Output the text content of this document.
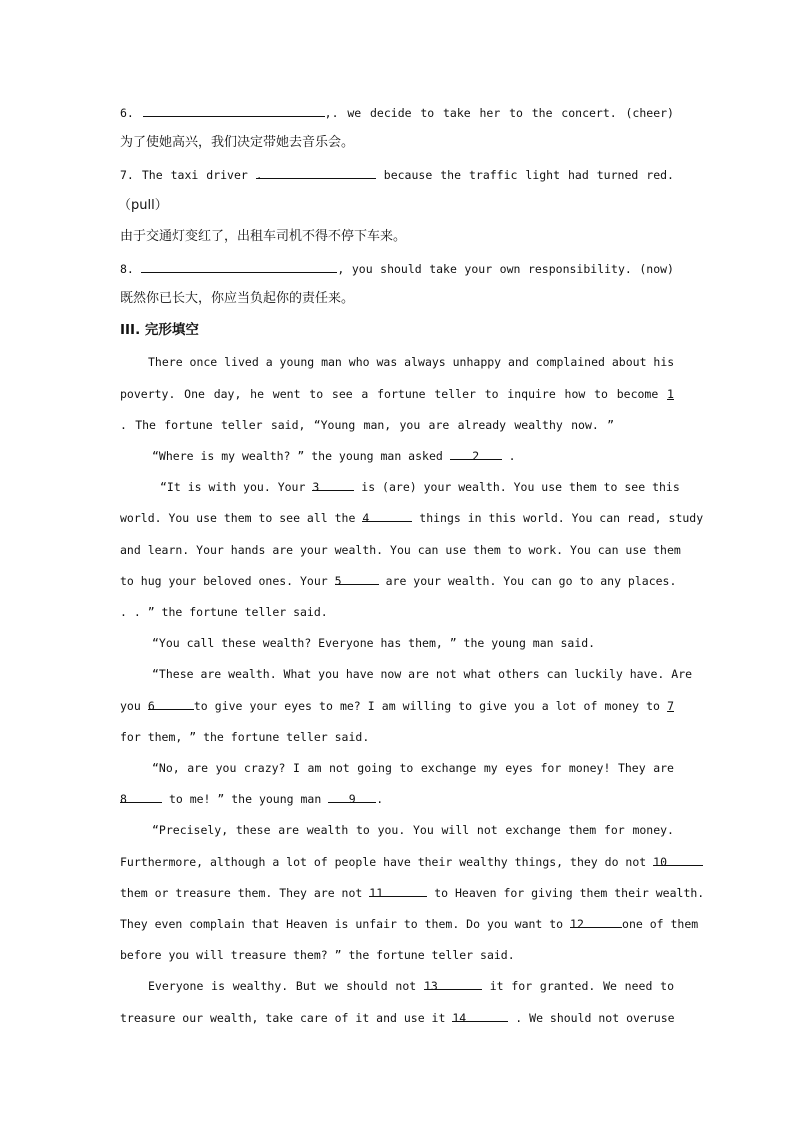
6.	,. we decide to take her to the concert. (cheer)
为了使她高兴，我们决定带她去音乐会。
7. The taxi driver .	because the traffic light had turned red.
（pull）
由于交通灯变红了，出租车司机不得不停下车来。
8.	, you should take your own responsibility. (now)
既然你已长大，你应当负起你的责任来。
III. 完形填空
There once lived a young man who was always unhappy and complained about his
poverty. One day, he went to see a fortune teller to inquire how to become 1
. The fortune teller said, “Young man, you are already wealthy now. ”
“Where is my wealth? ” the young man asked	2	.
“It is with you. Your 3	is (are) your wealth. You use them to see this
world. You use them to see all the 4	things in this world. You can read, study
and learn. Your hands are your wealth. You can use them to work. You can use them
to hug your beloved ones. Your 5	are your wealth. You can go to any places.
. . ” the fortune teller said.
“You call these wealth? Everyone has them, ” the young man said.
“These are wealth. What you have now are not what others can luckily have. Are
you 6	to give your eyes to me? I am willing to give you a lot of money to 7
for them, ” the fortune teller said.
“No, are you crazy? I am not going to exchange my eyes for money! They are
8	to me! ” the young man 9 .
“Precisely, these are wealth to you. You will not exchange them for money.
Furthermore, although a lot of people have their wealthy things, they do not 10
them or treasure them. They are not 11	to Heaven for giving them their wealth.
They even complain that Heaven is unfair to them. Do you want to 12	one of them
before you will treasure them? ” the fortune teller said.
Everyone is wealthy. But we should not 13	it for granted. We need to
treasure our wealth, take care of it and use it 14	. We should not overuse
